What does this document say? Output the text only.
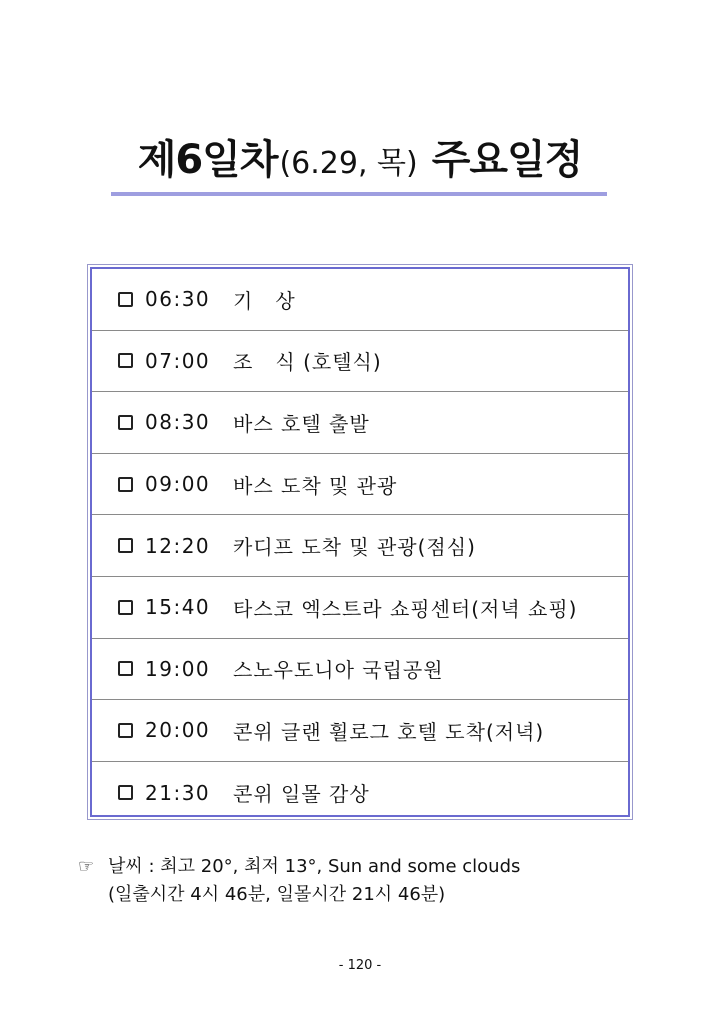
제6일차(6.29, 목) 주요일정
06:30	기   상
07:00	조   식 (호텔식)
08:30	바스 호텔 출발
09:00	바스 도착 및 관광
12:20	카디프 도착 및 관광(점심)
15:40	타스코 엑스트라 쇼핑센터(저녁 쇼핑)
19:00	스노우도니아 국립공원
20:00	콘위 글랜 휠로그 호텔 도착(저녁)
21:30	콘위 일몰 감상
☞ 날씨 : 최고 20°, 최저 13°, Sun and some clouds
(일출시간 4시 46분, 일몰시간 21시 46분)
- 120 -
